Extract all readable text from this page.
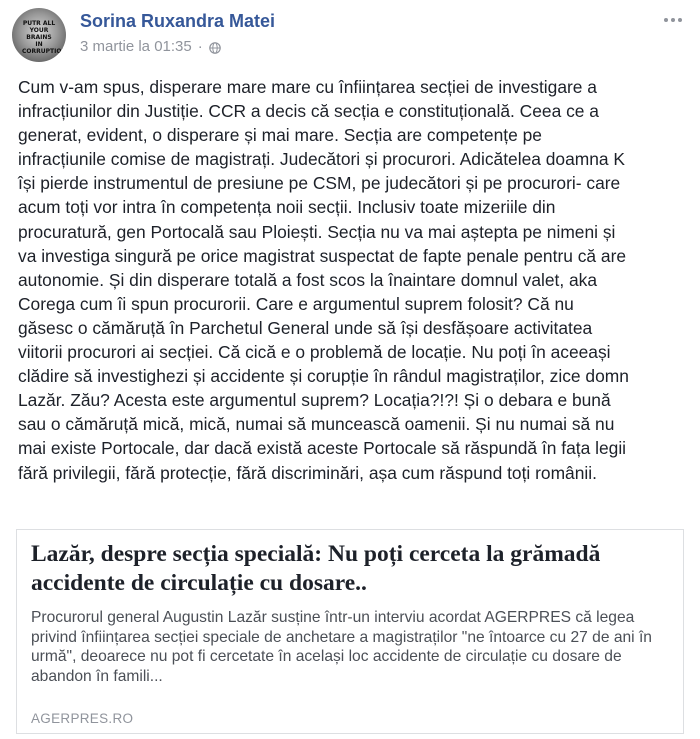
PUTR ALL YOUR BRAINS IN CORRUPTION
Sorina Ruxandra Matei
3 martie la 01:35 ·
Cum v-am spus, disperare mare mare cu înființarea secției de investigare a
infracțiunilor din Justiție. CCR a decis că secția e constituțională. Ceea ce a
generat, evident, o disperare și mai mare. Secția are competențe pe
infracțiunile comise de magistrați. Judecători și procurori. Adicătelea doamna K
își pierde instrumentul de presiune pe CSM, pe judecători și pe procurori- care
acum toți vor intra în competența noii secții. Inclusiv toate mizeriile din
procuratură, gen Portocală sau Ploiești. Secția nu va mai aștepta pe nimeni și
va investiga singură pe orice magistrat suspectat de fapte penale pentru că are
autonomie. Și din disperare totală a fost scos la înaintare domnul valet, aka
Corega cum îi spun procurorii. Care e argumentul suprem folosit? Că nu
găsesc o cămăruță în Parchetul General unde să își desfășoare activitatea
viitorii procurori ai secției. Că cică e o problemă de locație. Nu poți în aceeași
clădire să investighezi și accidente și corupție în rândul magistraților, zice domn
Lazăr. Zău? Acesta este argumentul suprem? Locația?!?! Și o debara e bună
sau o cămăruță mică, mică, numai să muncească oamenii. Și nu numai să nu
mai existe Portocale, dar dacă există aceste Portocale să răspundă în fața legii
fără privilegii, fără protecție, fără discriminări, așa cum răspund toți românii.
Lazăr, despre secția specială: Nu poți cerceta la grămadă accidente de circulație cu dosare..
Procurorul general Augustin Lazăr susține într-un interviu acordat AGERPRES că legea privind înființarea secției speciale de anchetare a magistraților "ne întoarce cu 27 de ani în urmă", deoarece nu pot fi cercetate în același loc accidente de circulație cu dosare de abandon în famili...
AGERPRES.RO
